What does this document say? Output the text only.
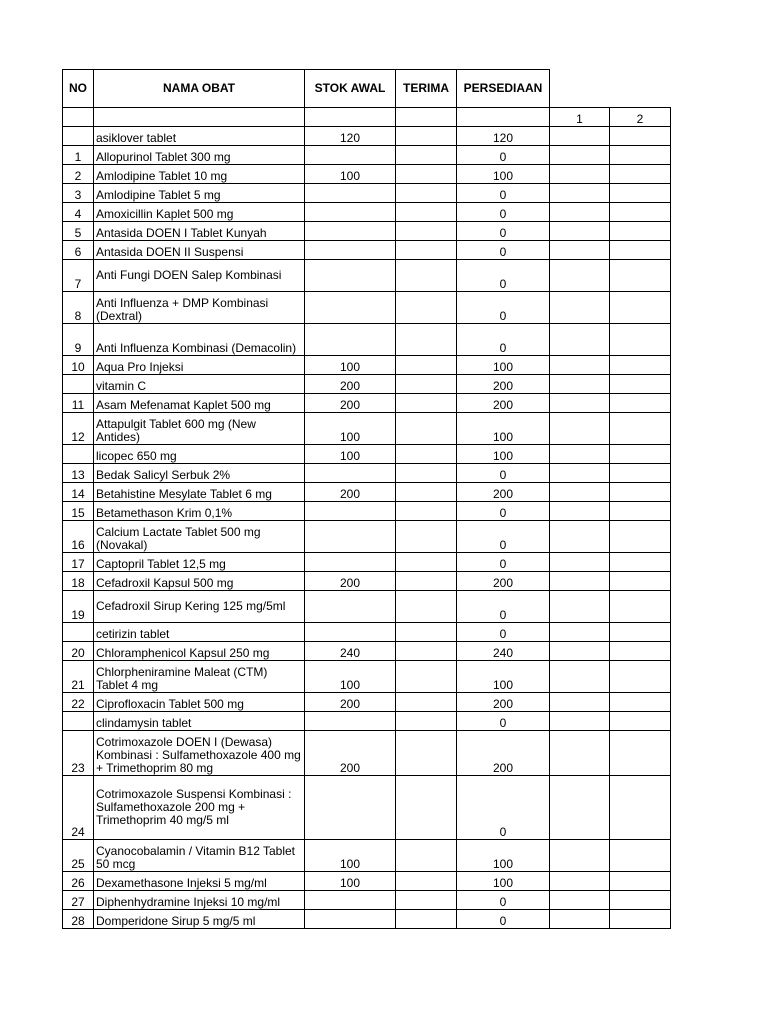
NO	NAMA OBAT	STOK AWAL	TERIMA	PERSEDIAAN		
					1	2
	asiklover tablet	120		120		
1	Allopurinol Tablet 300 mg			0		
2	Amlodipine Tablet 10 mg	100		100		
3	Amlodipine Tablet 5 mg			0		
4	Amoxicillin Kaplet 500 mg			0		
5	Antasida DOEN I Tablet Kunyah			0		
6	Antasida DOEN II Suspensi			0		
7	Anti Fungi DOEN Salep Kombinasi			0		
8	Anti Influenza + DMP Kombinasi (Dextral)			0		
9	Anti Influenza Kombinasi (Demacolin)			0		
10	Aqua Pro Injeksi	100		100		
	vitamin C	200		200		
11	Asam Mefenamat Kaplet 500 mg	200		200		
12	Attapulgit Tablet 600 mg (New Antides)	100		100		
	licopec 650 mg	100		100		
13	Bedak Salicyl Serbuk 2%			0		
14	Betahistine Mesylate Tablet 6 mg	200		200		
15	Betamethason Krim 0,1%			0		
16	Calcium Lactate Tablet 500 mg (Novakal)			0		
17	Captopril Tablet 12,5 mg			0		
18	Cefadroxil Kapsul 500 mg	200		200		
19	Cefadroxil Sirup Kering 125 mg/5ml			0		
	cetirizin tablet			0		
20	Chloramphenicol Kapsul 250 mg	240		240		
21	Chlorpheniramine Maleat (CTM) Tablet 4 mg	100		100		
22	Ciprofloxacin Tablet 500 mg	200		200		
	clindamysin tablet			0		
23	Cotrimoxazole DOEN I (Dewasa) Kombinasi : Sulfamethoxazole 400 mg + Trimethoprim 80 mg	200		200		
24	Cotrimoxazole Suspensi Kombinasi : Sulfamethoxazole 200 mg + Trimethoprim 40 mg/5 ml			0		
25	Cyanocobalamin / Vitamin B12 Tablet 50 mcg	100		100		
26	Dexamethasone Injeksi 5 mg/ml	100		100		
27	Diphenhydramine Injeksi 10 mg/ml			0		
28	Domperidone Sirup 5 mg/5 ml			0		
